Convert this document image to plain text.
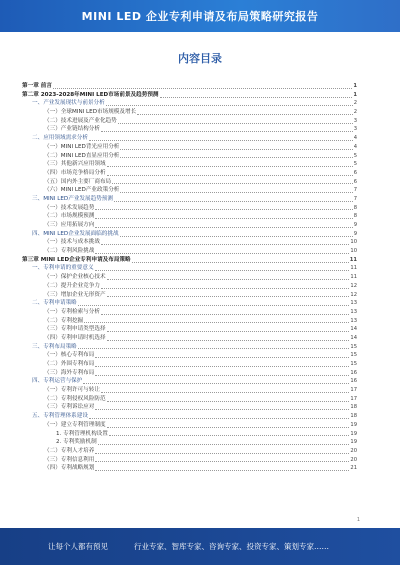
MINI LED 企业专利申请及布局策略研究报告
内容目录
第一章 前言	1
第二章 2023-2028年MINI LED市场前景及趋势预测	1
一、产业发展现状与前景分析	2
（一）全球MINI LED市场规模及增长	2
（二）技术进展及产业化趋势	3
（三）产业链结构分析	3
二、应用领域需求分析	4
（一）MINI LED背光应用分析	4
（二）MINI LED直显应用分析	5
（三）其他新兴应用领域	5
（四）市场竞争格局分析	6
（五）国内外主要厂商布局	6
（六）MINI LED产业政策分析	7
三、MINI LED产业发展趋势预测	7
（一）技术发展趋势	8
（二）市场规模预测	8
（三）应用拓展方向	9
四、MINI LED企业发展面临的挑战	9
（一）技术与成本挑战	10
（二）专利风险挑战	10
第三章 MINI LED企业专利申请及布局策略	11
一、专利申请的重要意义	11
（一）保护企业核心技术	11
（二）提升企业竞争力	12
（三）增加企业无形资产	12
二、专利申请策略	13
（一）专利检索与分析	13
（二）专利挖掘	13
（三）专利申请类型选择	14
（四）专利申请时机选择	14
三、专利布局策略	15
（一）核心专利布局	15
（二）外围专利布局	15
（三）海外专利布局	16
四、专利运营与保护	16
（一）专利许可与转让	17
（二）专利侵权风险防范	17
（三）专利诉讼应对	18
五、专利管理体系建设	18
（一）建立专利管理制度	19
1. 专利管理机构设置	19
2. 专利奖励机制	19
（二）专利人才培养	20
（三）专利信息利用	20
（四）专利战略规划	21
1
让每个人都有预见	行业专家、智库专家、咨询专家、投资专家、策划专家……
